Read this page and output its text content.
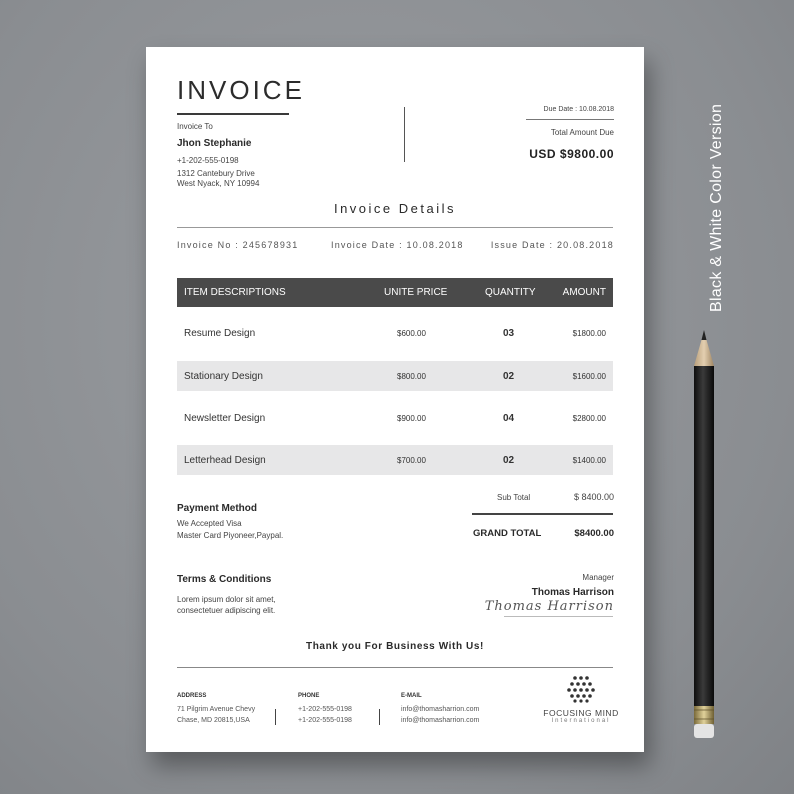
INVOICE
Invoice To
Jhon Stephanie
+1-202-555-0198
1312 Cantebury Drive
West Nyack, NY 10994
Due Date : 10.08.2018
Total Amount Due
USD $9800.00
Invoice Details
Invoice No : 245678931	Invoice Date : 10.08.2018	Issue Date : 20.08.2018
ITEM DESCRIPTIONS	UNITE PRICE	QUANTITY	AMOUNT
Resume Design	$600.00	03	$1800.00
Stationary Design	$800.00	02	$1600.00
Newsletter Design	$900.00	04	$2800.00
Letterhead Design	$700.00	02	$1400.00
Sub Total	$ 8400.00
GRAND TOTAL	$8400.00
Payment Method
We Accepted Visa
Master Card Piyoneer,Paypal.
Terms & Conditions
Lorem ipsum dolor sit amet,
consectetuer adipiscing elit.
Manager
Thomas Harrison
Thomas Harrison
Thank you For Business With Us!
ADDRESS
71 Pilgrim Avenue Chevy
Chase, MD 20815,USA
PHONE
+1-202-555-0198
+1-202-555-0198
E-MAIL
info@thomasharrion.com
info@thomasharrion.com
FOCUSING MIND
International
Black & White Color Version
